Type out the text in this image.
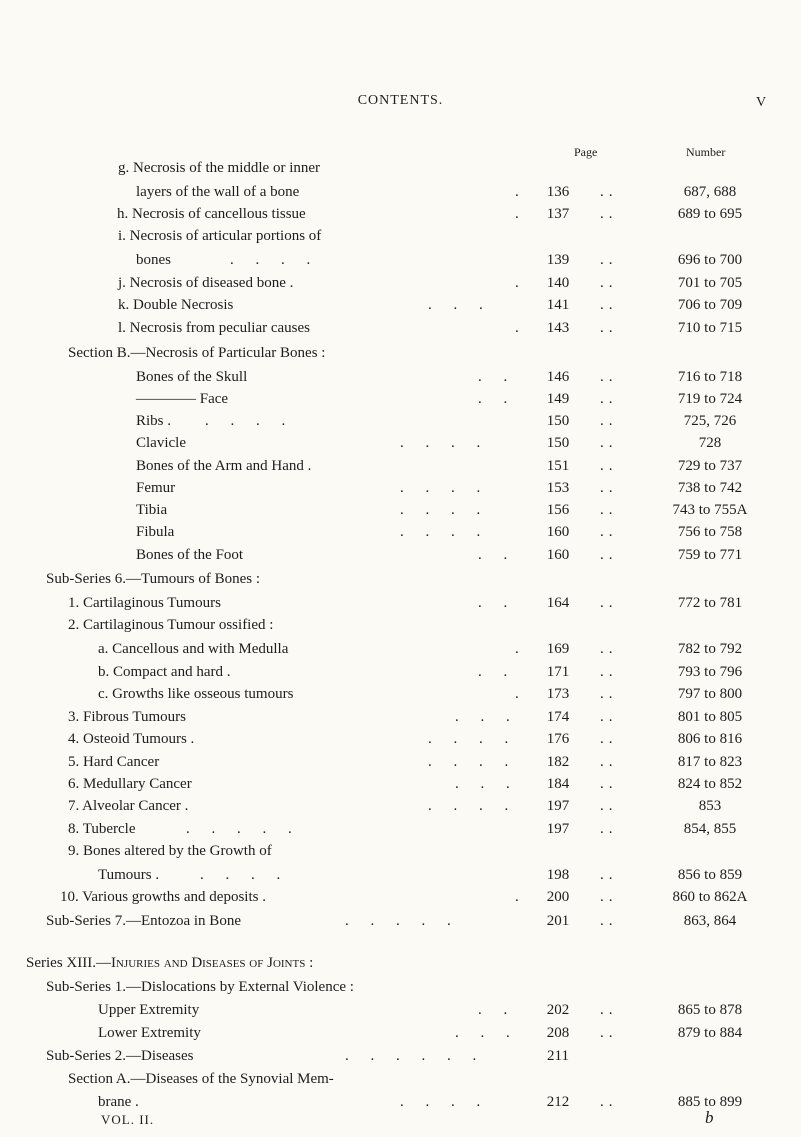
CONTENTS.	V
Page	Number
g. Necrosis of the middle or inner
layers of the wall of a bone	.	136	..	687, 688
h. Necrosis of cancellous tissue	.	137	..	689 to 695
i. Necrosis of articular portions of
bones	. . . .	139	..	696 to 700
j. Necrosis of diseased bone .	.	140	..	701 to 705
k. Double Necrosis	. . .	141	..	706 to 709
l. Necrosis from peculiar causes	.	143	..	710 to 715
Section B.—Necrosis of Particular Bones :
Bones of the Skull	. .	146	..	716 to 718
———— Face	. .	149	..	719 to 724
Ribs . . . . .	150	..	725, 726
Clavicle	. . . .	150	..	728
Bones of the Arm and Hand .	151	..	729 to 737
Femur	. . . .	153	..	738 to 742
Tibia	. . . .	156	..	743 to 755A
Fibula	. . . .	160	..	756 to 758
Bones of the Foot	. .	160	..	759 to 771
Sub-Series 6.—Tumours of Bones :
1. Cartilaginous Tumours	. .	164	..	772 to 781
2. Cartilaginous Tumour ossified :
a. Cancellous and with Medulla	.	169	..	782 to 792
b. Compact and hard .	. .	171	..	793 to 796
c. Growths like osseous tumours	.	173	..	797 to 800
3. Fibrous Tumours	. . .	174	..	801 to 805
4. Osteoid Tumours .	. . . .	176	..	806 to 816
5. Hard Cancer	. . . .	182	..	817 to 823
6. Medullary Cancer	. . .	184	..	824 to 852
7. Alveolar Cancer .	. . . .	197	..	853
8. Tubercle	. . . . .	197	..	854, 855
9. Bones altered by the Growth of
Tumours .	. . . .	198	..	856 to 859
10. Various growths and deposits .	.	200	..	860 to 862A
Sub-Series 7.—Entozoa in Bone	. . . . .	201	..	863, 864
Series XIII.—Injuries and Diseases of Joints :
Sub-Series 1.—Dislocations by External Violence :
Upper Extremity	. .	202	..	865 to 878
Lower Extremity	. . .	208	..	879 to 884
Sub-Series 2.—Diseases	. . . . . .	211
Section A.—Diseases of the Synovial Mem-
brane .	. . . .	212	..	885 to 899
VOL. II.	b
